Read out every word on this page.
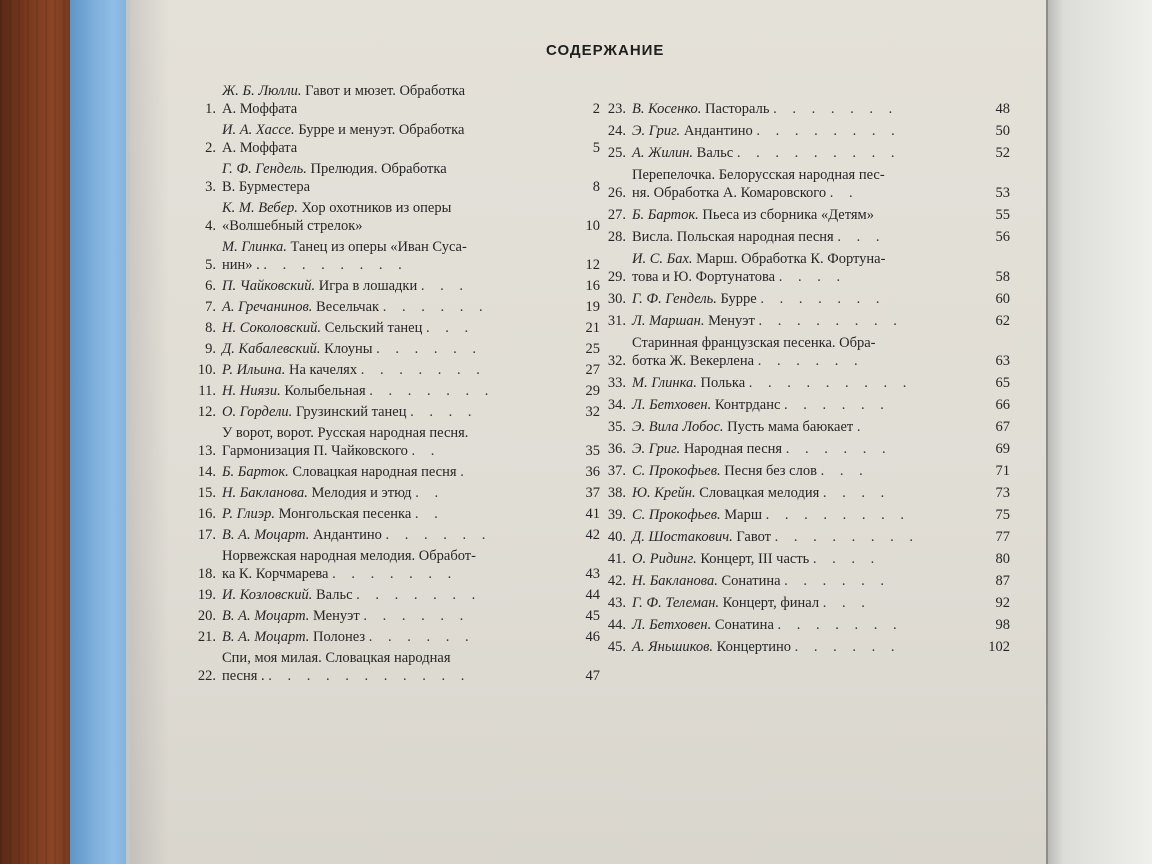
СОДЕРЖАНИЕ
1.
Ж. Б. Люлли. Гавот и мюзет. Обработка
А. Моффата	2
2.
И. А. Хассе. Бурре и менуэт. Обработка
А. Моффата	5
3.
Г. Ф. Гендель. Прелюдия. Обработка
В. Бурместера	8
4.
К. М. Вебер. Хор охотников из оперы
«Волшебный стрелок»	10
5.
М. Глинка. Танец из оперы «Иван Суса-
нин» . . . . . . . . .	12
6. П. Чайковский. Игра в лошадки . . .	16
7. А. Гречанинов. Весельчак . . . . . .	19
8. Н. Соколовский. Сельский танец . . .	21
9. Д. Кабалевский. Клоуны . . . . . .	25
10. Р. Ильина. На качелях . . . . . . .	27
11. Н. Ниязи. Колыбельная . . . . . . .	29
12. О. Гордели. Грузинский танец . . . .	32
13.
У ворот, ворот. Русская народная песня.
Гармонизация П. Чайковского . .	35
14. Б. Барток. Словацкая народная песня .	36
15. Н. Бакланова. Мелодия и этюд . .	37
16. Р. Глиэр. Монгольская песенка . .	41
17. В. А. Моцарт. Андантино . . . . . .	42
18.
Норвежская народная мелодия. Обработ-
ка К. Корчмарева . . . . . . .	43
19. И. Козловский. Вальс . . . . . . .	44
20. В. А. Моцарт. Менуэт . . . . . .	45
21. В. А. Моцарт. Полонез . . . . . .	46
22.
Спи, моя милая. Словацкая народная
песня . . . . . . . . . . . .	47
23. В. Косенко. Пастораль . . . . . . .	48
24. Э. Григ. Андантино . . . . . . . .	50
25. А. Жилин. Вальс . . . . . . . . .	52
26.
Перепелочка. Белорусская народная пес-
ня. Обработка А. Комаровского . .	53
27. Б. Барток. Пьеса из сборника «Детям»	55
28. Висла. Польская народная песня . . .	56
29.
И. С. Бах. Марш. Обработка К. Фортуна-
това и Ю. Фортунатова . . . .	58
30. Г. Ф. Гендель. Бурре . . . . . . .	60
31. Л. Маршан. Менуэт . . . . . . . .	62
32.
Старинная французская песенка. Обра-
ботка Ж. Векерлена . . . . . .	63
33. М. Глинка. Полька . . . . . . . . .	65
34. Л. Бетховен. Контрданс . . . . . .	66
35. Э. Вила Лобос. Пусть мама баюкает .	67
36. Э. Григ. Народная песня . . . . . .	69
37. С. Прокофьев. Песня без слов . . .	71
38. Ю. Крейн. Словацкая мелодия . . . .	73
39. С. Прокофьев. Марш . . . . . . . .	75
40. Д. Шостакович. Гавот . . . . . . . .	77
41. О. Ридинг. Концерт, III часть . . . .	80
42. Н. Бакланова. Сонатина . . . . . .	87
43. Г. Ф. Телеман. Концерт, финал . . .	92
44. Л. Бетховен. Сонатина . . . . . . .	98
45. А. Яньшиков. Концертино . . . . . .	102
